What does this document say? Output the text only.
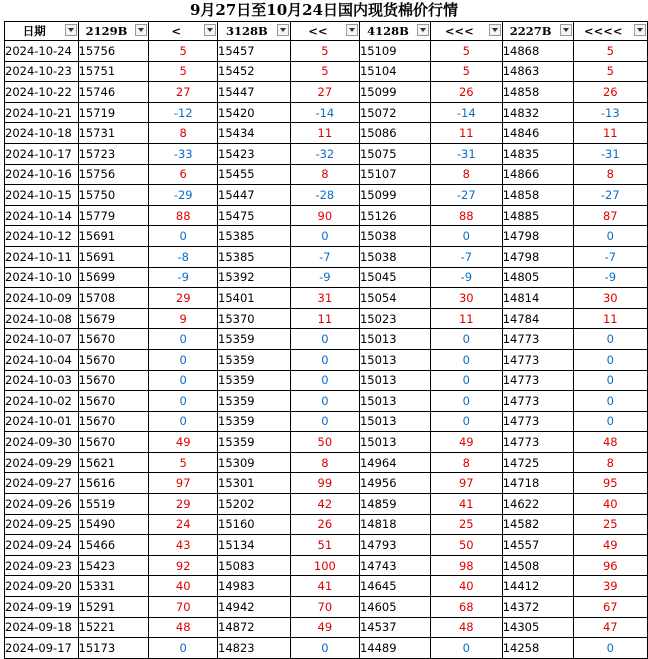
9月27日至10月24日国内现货棉价行情
日期	2129B	<	3128B	<<	4128B	<<<	2227B	<<<<

2024-10-24	15756	5	15457	5	15109	5	14868	5
2024-10-23	15751	5	15452	5	15104	5	14863	5
2024-10-22	15746	27	15447	27	15099	26	14858	26
2024-10-21	15719	-12	15420	-14	15072	-14	14832	-13
2024-10-18	15731	8	15434	11	15086	11	14846	11
2024-10-17	15723	-33	15423	-32	15075	-31	14835	-31
2024-10-16	15756	6	15455	8	15107	8	14866	8
2024-10-15	15750	-29	15447	-28	15099	-27	14858	-27
2024-10-14	15779	88	15475	90	15126	88	14885	87
2024-10-12	15691	0	15385	0	15038	0	14798	0
2024-10-11	15691	-8	15385	-7	15038	-7	14798	-7
2024-10-10	15699	-9	15392	-9	15045	-9	14805	-9
2024-10-09	15708	29	15401	31	15054	30	14814	30
2024-10-08	15679	9	15370	11	15023	11	14784	11
2024-10-07	15670	0	15359	0	15013	0	14773	0
2024-10-04	15670	0	15359	0	15013	0	14773	0
2024-10-03	15670	0	15359	0	15013	0	14773	0
2024-10-02	15670	0	15359	0	15013	0	14773	0
2024-10-01	15670	0	15359	0	15013	0	14773	0
2024-09-30	15670	49	15359	50	15013	49	14773	48
2024-09-29	15621	5	15309	8	14964	8	14725	8
2024-09-27	15616	97	15301	99	14956	97	14718	95
2024-09-26	15519	29	15202	42	14859	41	14622	40
2024-09-25	15490	24	15160	26	14818	25	14582	25
2024-09-24	15466	43	15134	51	14793	50	14557	49
2024-09-23	15423	92	15083	100	14743	98	14508	96
2024-09-20	15331	40	14983	41	14645	40	14412	39
2024-09-19	15291	70	14942	70	14605	68	14372	67
2024-09-18	15221	48	14872	49	14537	48	14305	47
2024-09-17	15173	0	14823	0	14489	0	14258	0
